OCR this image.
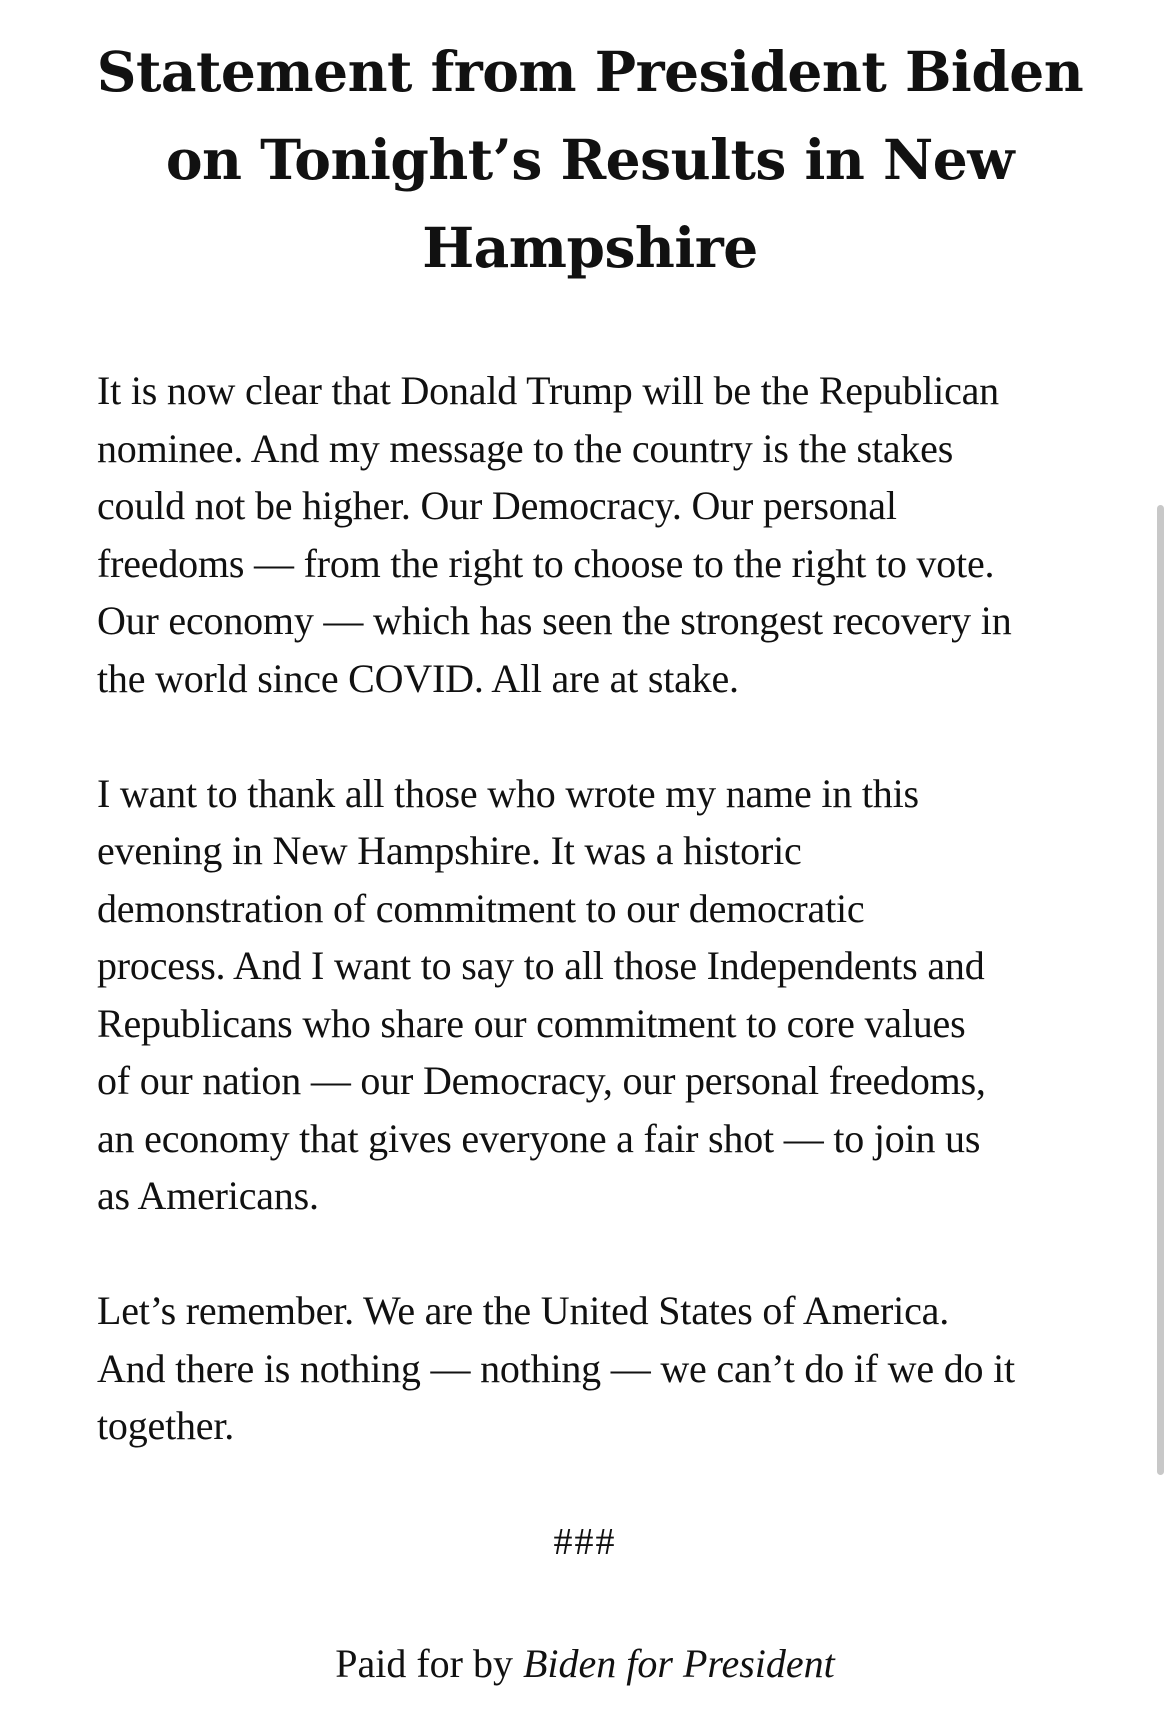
Statement from President Biden
on Tonight’s Results in New
Hampshire

It is now clear that Donald Trump will be the Republican
nominee. And my message to the country is the stakes
could not be higher. Our Democracy. Our personal
freedoms — from the right to choose to the right to vote.
Our economy — which has seen the strongest recovery in
the world since COVID. All are at stake.

I want to thank all those who wrote my name in this
evening in New Hampshire. It was a historic
demonstration of commitment to our democratic
process. And I want to say to all those Independents and
Republicans who share our commitment to core values
of our nation — our Democracy, our personal freedoms,
an economy that gives everyone a fair shot — to join us
as Americans.

Let’s remember. We are the United States of America.
And there is nothing — nothing — we can’t do if we do it
together.

###
Paid for by Biden for President
